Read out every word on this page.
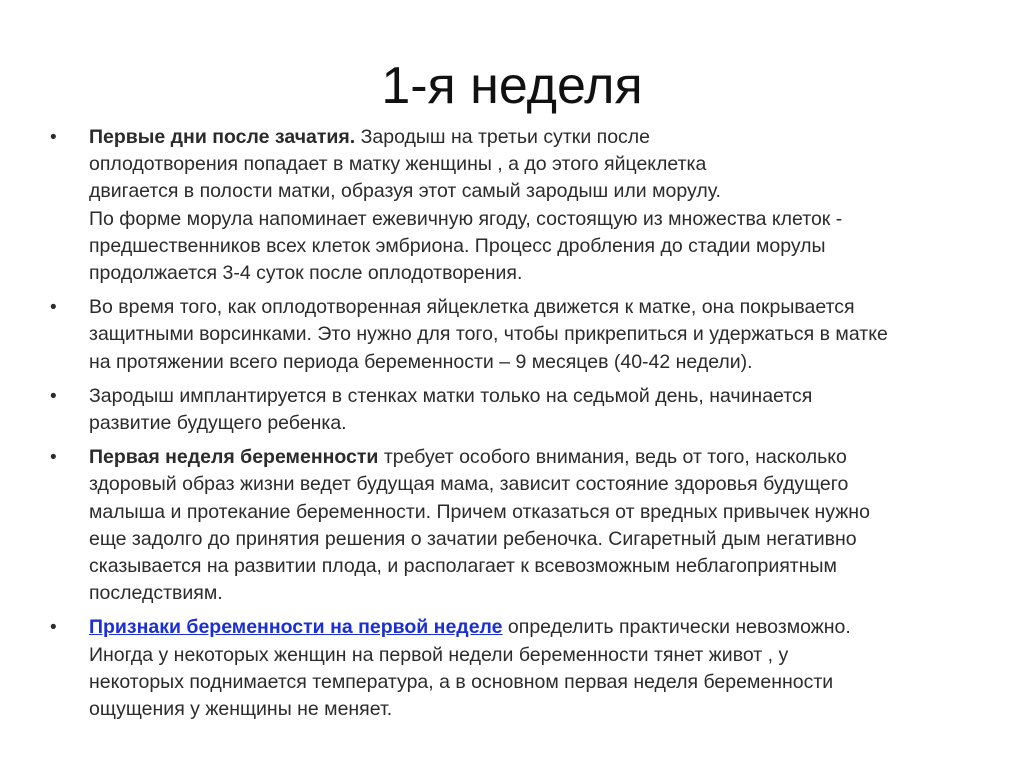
1-я неделя
• Первые дни после зачатия. Зародыш на третьи сутки после
оплодотворения попадает в матку женщины , а до этого яйцеклетка
двигается в полости матки, образуя этот самый зародыш или морулу.
По форме морула напоминает ежевичную ягоду, состоящую из множества клеток -
предшественников всех клеток эмбриона. Процесс дробления до стадии морулы
продолжается 3-4 суток после оплодотворения.
• Во время того, как оплодотворенная яйцеклетка движется к матке, она покрывается
защитными ворсинками. Это нужно для того, чтобы прикрепиться и удержаться в матке
на протяжении всего периода беременности – 9 месяцев (40-42 недели).
• Зародыш имплантируется в стенках матки только на седьмой день, начинается
развитие будущего ребенка.
• Первая неделя беременности требует особого внимания, ведь от того, насколько
здоровый образ жизни ведет будущая мама, зависит состояние здоровья будущего
малыша и протекание беременности. Причем отказаться от вредных привычек нужно
еще задолго до принятия решения о зачатии ребеночка. Сигаретный дым негативно
сказывается на развитии плода, и располагает к всевозможным неблагоприятным
последствиям.
• Признаки беременности на первой неделе определить практически невозможно.
Иногда у некоторых женщин на первой недели беременности тянет живот , у
некоторых поднимается температура, а в основном первая неделя беременности
ощущения у женщины не меняет.
